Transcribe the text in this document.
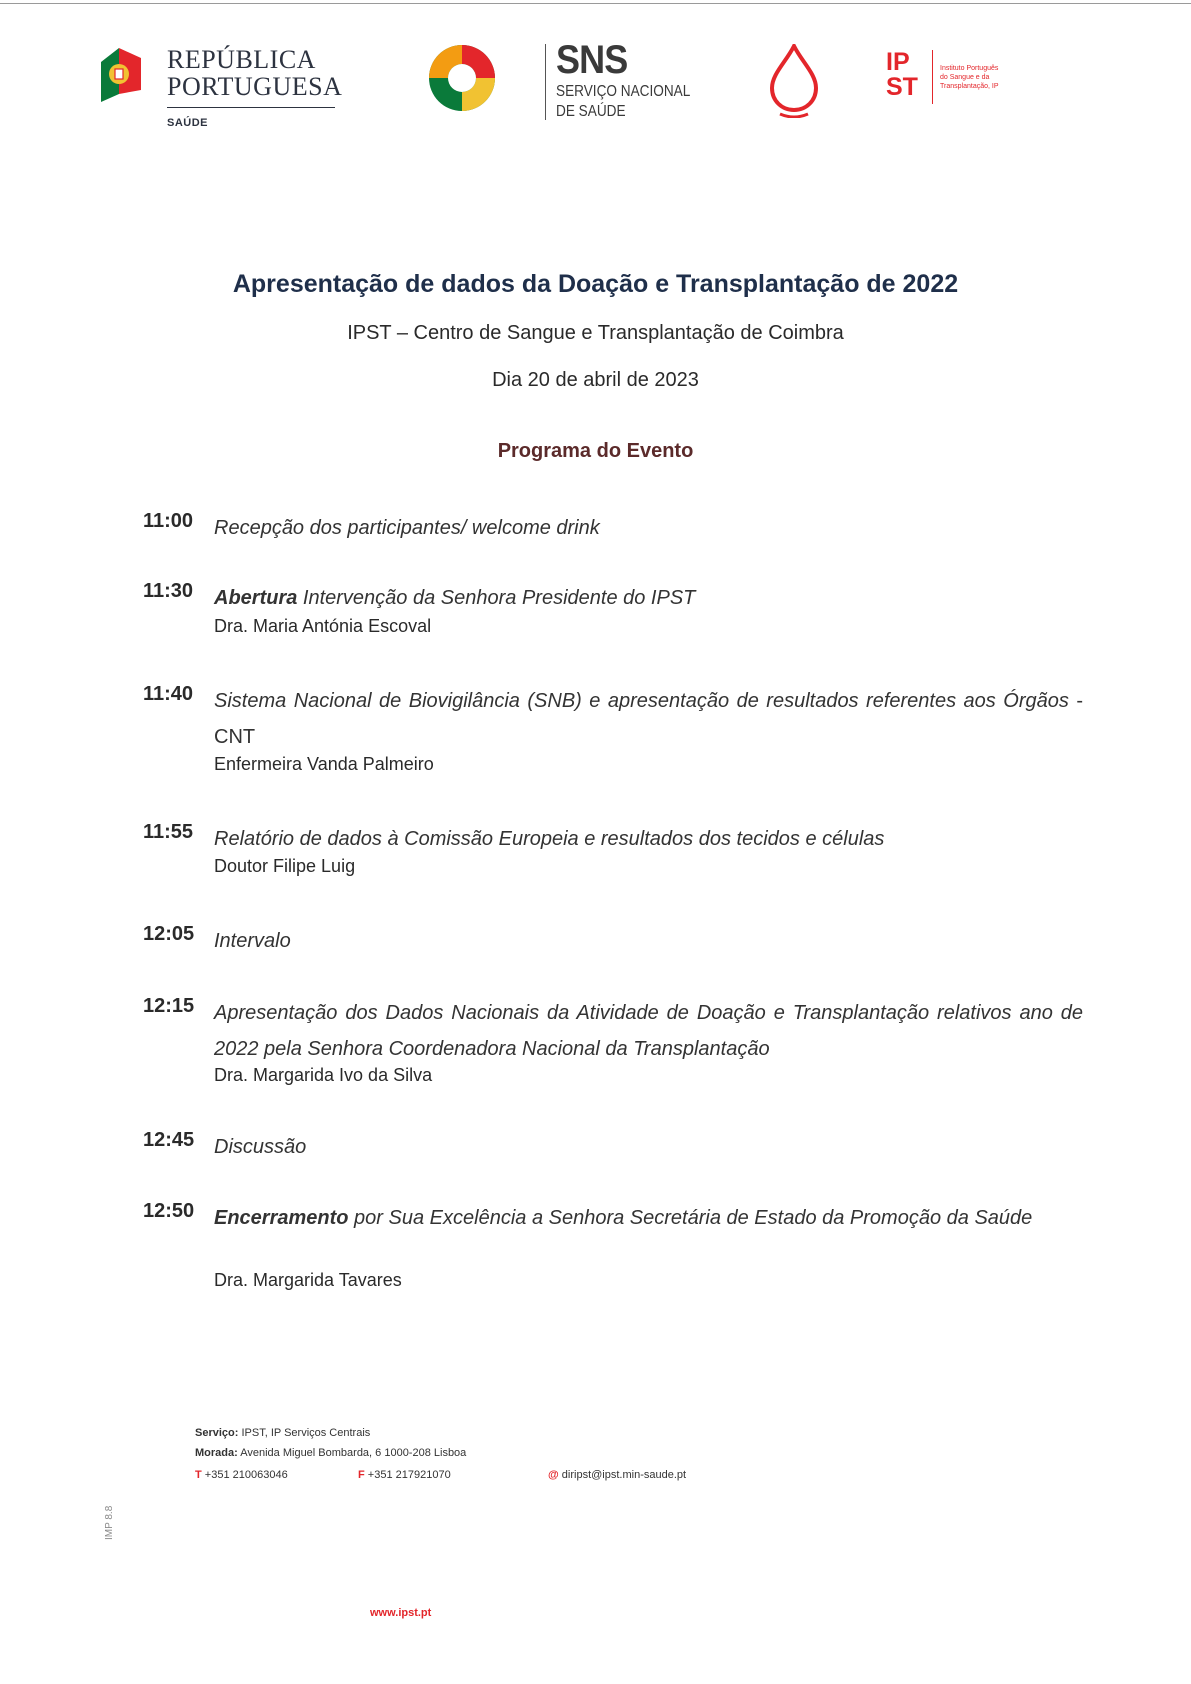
REPÚBLICA
PORTUGUESA
SAÚDE
SNS
SERVIÇO NACIONAL
DE SAÚDE
IP
ST
Instituto Português
do Sangue e da
Transplantação, IP
Apresentação de dados da Doação e Transplantação de 2022
IPST – Centro de Sangue e Transplantação de Coimbra
Dia 20 de abril de 2023
Programa do Evento
11:00 Recepção dos participantes/ welcome drink
11:30 Abertura Intervenção da Senhora Presidente do IPST
Dra. Maria Antónia Escoval
11:40 Sistema Nacional de Biovigilância (SNB) e apresentação de resultados referentes aos Órgãos - CNT
Enfermeira Vanda Palmeiro
11:55 Relatório de dados à Comissão Europeia e resultados dos tecidos e células
Doutor Filipe Luig
12:05 Intervalo
12:15 Apresentação dos Dados Nacionais da Atividade de Doação e Transplantação relativos ano de 2022 pela Senhora Coordenadora Nacional da Transplantação
Dra. Margarida Ivo da Silva
12:45 Discussão
12:50 Encerramento por Sua Excelência a Senhora Secretária de Estado da Promoção da Saúde
Dra. Margarida Tavares
IMP 8.8
Serviço: IPST, IP Serviços Centrais
Morada: Avenida Miguel Bombarda, 6 1000-208 Lisboa
T +351 210063046	F +351 217921070	@ diripst@ipst.min-saude.pt
www.ipst.pt
